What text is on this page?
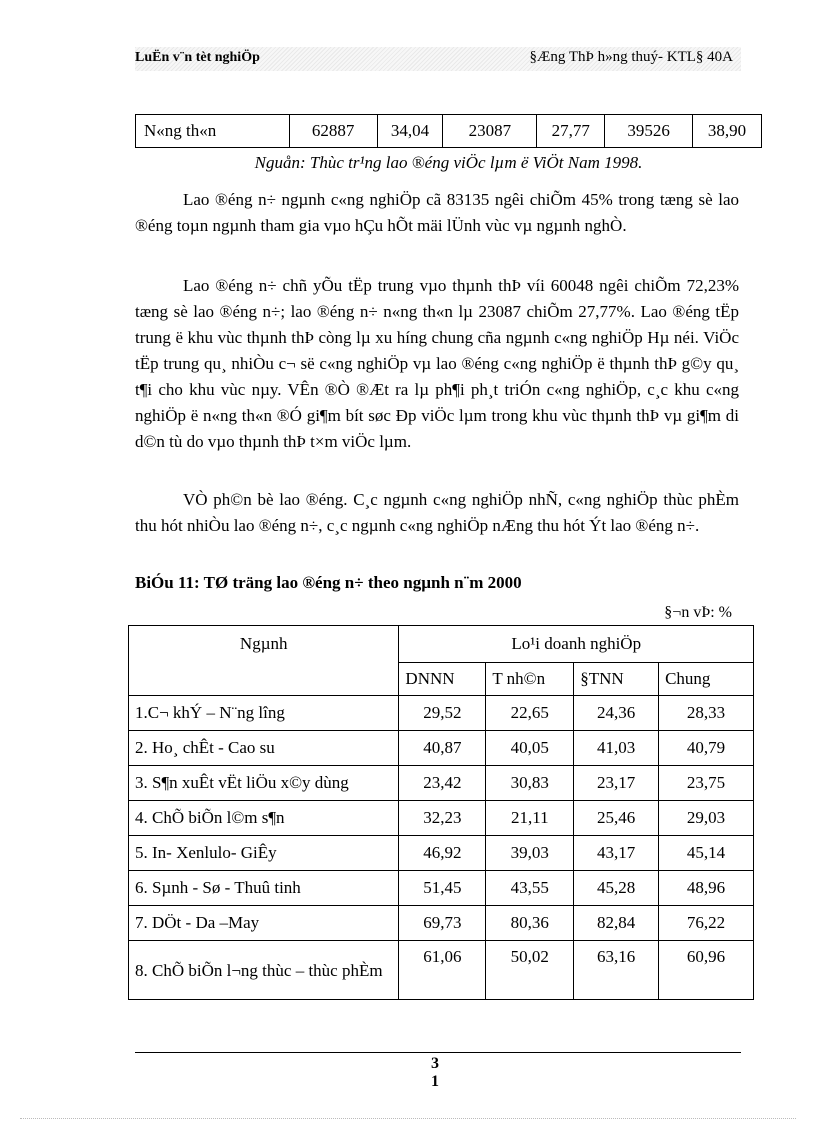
LuËn v¨n tèt nghiÖp	§Æng ThÞ h»ng thuý- KTL§ 40A
N«ng th«n	62887	34,04	23087	27,77	39526	38,90
Nguån: Thùc tr¹ng lao ®éng viÖc lµm ë ViÖt Nam 1998.

Lao ®éng n÷ ngµnh c«ng nghiÖp cã 83135 ngêi chiÕm 45% trong tæng sè lao ®éng toµn ngµnh tham gia vµo hÇu hÕt mäi lÜnh vùc vµ ngµnh nghÒ.

Lao ®éng n÷ chñ yÕu tËp trung vµo thµnh thÞ víi 60048 ngêi chiÕm 72,23% tæng sè lao ®éng n÷; lao ®éng n÷ n«ng th«n lµ 23087 chiÕm 27,77%. Lao ®éng tËp trung ë khu vùc thµnh thÞ còng lµ xu híng chung cña ngµnh c«ng nghiÖp Hµ néi. ViÖc tËp trung qu¸ nhiÒu c¬ së c«ng nghiÖp vµ lao ®éng c«ng nghiÖp ë thµnh thÞ g©y qu¸ t¶i cho khu vùc nµy. VÊn ®Ò ®Æt ra lµ ph¶i ph¸t triÓn c«ng nghiÖp, c¸c khu c«ng nghiÖp ë n«ng th«n ®Ó gi¶m bít søc Ðp viÖc lµm trong khu vùc thµnh thÞ vµ gi¶m di d©n tù do vµo thµnh thÞ t×m viÖc lµm.

VÒ ph©n bè lao ®éng. C¸c ngµnh c«ng nghiÖp nhÑ, c«ng nghiÖp thùc phÈm thu hót nhiÒu lao ®éng n÷, c¸c ngµnh c«ng nghiÖp nÆng thu hót Ýt lao ®éng n÷.

BiÓu 11: TØ träng lao ®éng n÷ theo ngµnh n¨m 2000
§¬n vÞ: %
Ngµnh	Lo¹i doanh nghiÖp			
	DNNN	T nh©n	§TNN	Chung
1.C¬ khÝ – N¨ng lîng	29,52	22,65	24,36	28,33
2. Ho¸ chÊt - Cao su	40,87	40,05	41,03	40,79
3. S¶n xuÊt vËt liÖu x©y dùng	23,42	30,83	23,17	23,75
4. ChÕ biÕn l©m s¶n	32,23	21,11	25,46	29,03
5. In- Xenlulo- GiÊy	46,92	39,03	43,17	45,14
6. Sµnh - Sø - Thuû tinh	51,45	43,55	45,28	48,96
7. DÖt - Da –May	69,73	80,36	82,84	76,22
8. ChÕ biÕn l¬ng thùc – thùc phÈm	61,06	50,02	63,16	60,96
3
1
